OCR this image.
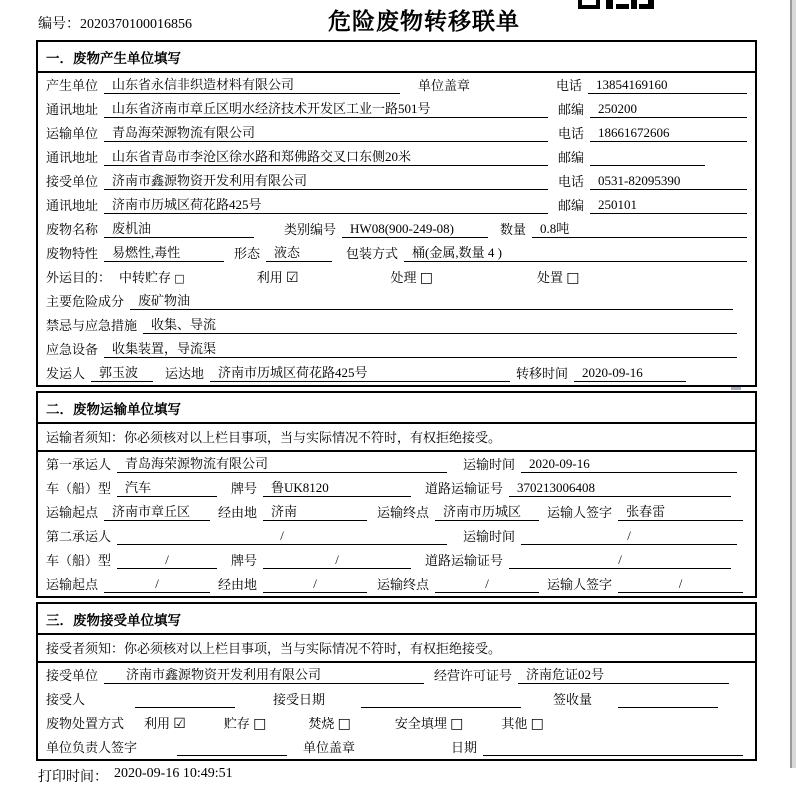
编号：2020370100016856	危险废物转移联单
一．废物产生单位填写
产生单位	山东省永信非织造材料有限公司	单位盖章	电话	13854169160
通讯地址	山东省济南市章丘区明水经济技术开发区工业一路501号	邮编	250200
运输单位	青岛海荣源物流有限公司	电话	18661672606
通讯地址	山东省青岛市李沧区徐水路和郑佛路交叉口东侧20米	邮编
接受单位	济南市鑫源物资开发利用有限公司	电话	0531-82095390
通讯地址	济南市历城区荷花路425号	邮编	250101
废物名称	废机油	类别编号	HW08(900-249-08)	数量	0.8吨
废物特性	易燃性,毒性	形态	液态	包装方式	桶(金属,数量 4 )
外运目的： 中转贮存 □	利用 ☑	处理 □	处置 □
主要危险成分	废矿物油
禁忌与应急措施	收集、导流
应急设备	收集装置，导流渠
发运人	郭玉波	运达地	济南市历城区荷花路425号	转移时间	2020-09-16
二．废物运输单位填写
运输者须知： 你必须核对以上栏目事项，当与实际情况不符时，有权拒绝接受。
第一承运人	青岛海荣源物流有限公司	运输时间	2020-09-16
车（船）型	汽车	牌号	鲁UK8120	道路运输证号	370213006408
运输起点	济南市章丘区	经由地	济南	运输终点	济南市历城区	运输人签字	张春雷
第二承运人	/	运输时间	/
车（船）型	/	牌号	/	道路运输证号	/
运输起点	/	经由地	/	运输终点	/	运输人签字	/
三．废物接受单位填写
接受者须知： 你必须核对以上栏目事项，当与实际情况不符时，有权拒绝接受。
接受单位	济南市鑫源物资开发利用有限公司	经营许可证号	济南危证02号
接受人	接受日期	签收量
废物处置方式 利用 ☑	贮存 □	焚烧 □	安全填埋 □	其他 □
单位负责人签字	单位盖章	日期
打印时间： 2020-09-16 10:49:51
